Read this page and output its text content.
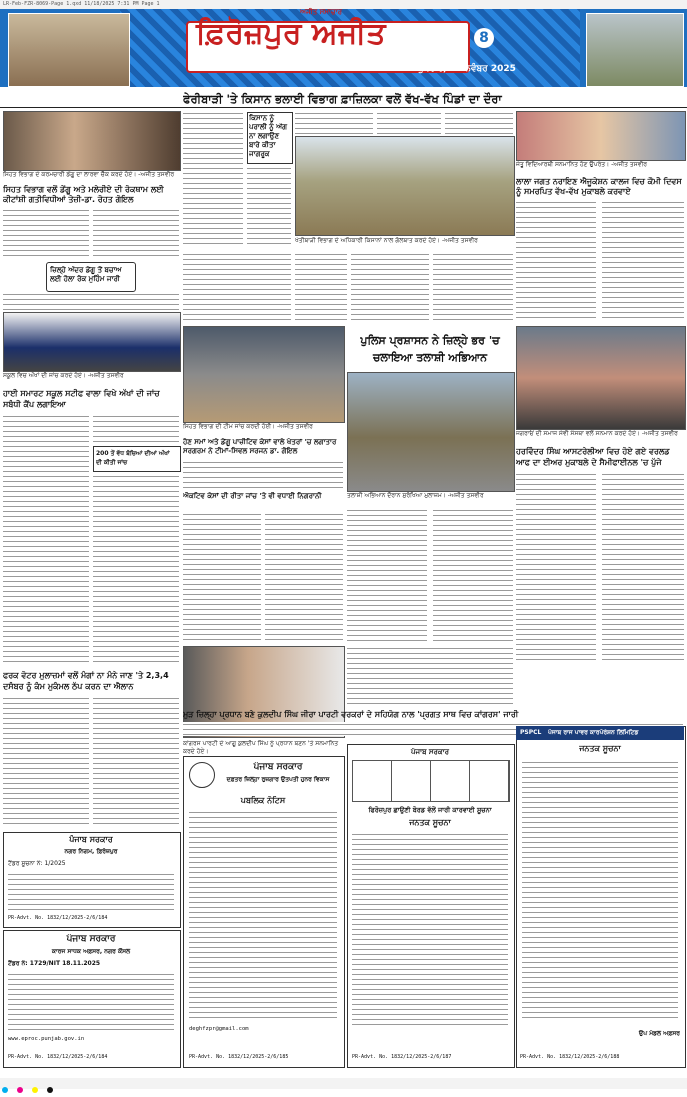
LR-Feb-FZR-8069-Page 1.qxd 11/18/2025 7:31 PM Page 1
ਅਜੀਤ ਸਮਾਚਾਰ
ਫ਼ਿਰੋਜ਼ਪੁਰ ਅਜੀਤ	8
ਬੁੱਧਵਾਰ, 19 ਨਵੰਬਰ 2025
ਫੇਰੀਬਾੜੀ 'ਤੇ ਕਿਸਾਨ ਭਲਾਈ ਵਿਭਾਗ ਫ਼ਾਜ਼ਿਲਕਾ ਵਲੋਂ ਵੱਖ-ਵੱਖ ਪਿੰਡਾਂ ਦਾ ਦੌਰਾ
ਸਿਹਤ ਵਿਭਾਗ ਦੇ ਕਰਮਚਾਰੀ ਡੇਂਗੂ ਦਾ ਲਾਰਵਾ ਚੈੱਕ ਕਰਦੇ ਹੋਏ। -ਅਜੀਤ ਤਸਵੀਰ
ਸਿਹਤ ਵਿਭਾਗ ਵਲੋਂ ਡੇਂਗੂ ਅਤੇ ਮਲੇਰੀਏ ਦੀ ਰੋਕਥਾਮ ਲਈ ਕੀਟਾਂਸ਼ੀ ਗਤੀਵਿਧੀਆਂ ਤੇਜ਼ੀ-ਡਾ. ਰੋਹਤ ਗੋਇਲ
ਜ਼ਿਲ੍ਹੇ ਅੰਦਰ ਡੇਂਗੂ ਤੋਂ ਬਚਾਅ ਲਈ ਹੋਲਾ ਰੋਕ ਮੁਹਿੰਮ ਜਾਰੀ
ਸਕੂਲ ਵਿਚ ਅੱਖਾਂ ਦੀ ਜਾਂਚ ਕਰਦੇ ਹੋਏ। -ਅਜੀਤ ਤਸਵੀਰ
ਕਿਸਾਨ ਨੂੰ ਪਰਾਲੀ ਨੂੰ ਅੱਗ ਨਾ ਲਗਾਉਣ ਬਾਰੇ ਕੀਤਾ ਜਾਗਰੂਕ
ਖੇਤੀਬਾੜੀ ਵਿਭਾਗ ਦੇ ਅਧਿਕਾਰੀ ਕਿਸਾਨਾਂ ਨਾਲ ਗੱਲਬਾਤ ਕਰਦੇ ਹੋਏ। -ਅਜੀਤ ਤਸਵੀਰ
ਜੇਤੂ ਵਿਦਿਆਰਥੀ ਸਨਮਾਨਿਤ ਹੋਣ ਉਪਰੰਤ। -ਅਜੀਤ ਤਸਵੀਰ
ਲਾਲਾ ਜਗਤ ਨਰਾਇਣ ਐਜੂਕੇਸ਼ਨ ਕਾਲਜ ਵਿਚ ਕੌਮੀ ਦਿਵਸ ਨੂੰ ਸਮਰਪਿਤ ਵੱਖ-ਵੱਖ ਮੁਕਾਬਲੇ ਕਰਵਾਏ
ਸਿਹਤ ਵਿਭਾਗ ਦੀ ਟੀਮ ਜਾਂਚ ਕਰਦੀ ਹੋਈ। -ਅਜੀਤ ਤਸਵੀਰ
ਪੁਲਿਸ ਪ੍ਰਸ਼ਾਸਨ ਨੇ ਜ਼ਿਲ੍ਹੇ ਭਰ 'ਚ ਚਲਾਇਆ ਤਲਾਸ਼ੀ ਅਭਿਆਨ
ਤਲਾਸ਼ੀ ਅਭਿਆਨ ਦੌਰਾਨ ਸੁਰੱਖਿਆ ਮੁਲਾਜ਼ਮ। -ਅਜੀਤ ਤਸਵੀਰ
ਜਗਰਾਓਂ ਦੀ ਸਮਾਜ ਸੇਵੀ ਸੰਸਥਾ ਵਲੋਂ ਸਨਮਾਨ ਕਰਦੇ ਹੋਏ। -ਅਜੀਤ ਤਸਵੀਰ
ਹਰਵਿੰਦਰ ਸਿੰਘ ਆਸਟਰੇਲੀਆ ਵਿਚ ਹੋਏ ਗਏ ਵਰਲਡ ਆਫ ਦਾ ਈਅਰ ਮੁਕਾਬਲੇ ਦੇ ਸੈਮੀਫਾਈਨਲ 'ਚ ਪੁੱਜੇ
ਹਾਈ ਸਮਾਰਟ ਸਕੂਲ ਸਟੀਫ ਵਾਲਾ ਵਿਖੇ ਅੱਖਾਂ ਦੀ ਜਾਂਚ ਸਬੰਧੀ ਕੈਂਪ ਲਗਾਇਆ
200 ਤੋਂ ਵੱਧ ਬੱਚਿਆਂ ਦੀਆਂ ਅੱਖਾਂ ਦੀ ਕੀਤੀ ਜਾਂਚ
ਹੋਣ ਸਮਾਂ ਅਤੇ ਡੇਂਗੂ ਪਾਜ਼ੀਟਿਵ ਕੇਸਾਂ ਵਾਲੇ ਖੇਤਰਾਂ 'ਚ ਲਗਾਤਾਰ ਸਰਗਰਮ ਨੇ ਟੀਮਾਂ-ਸਿਵਲ ਸਰਜਨ ਡਾ. ਗੋਇਲ
ਐਕਟਿਵ ਕੇਸਾਂ ਦੀ ਰੀਤਾ ਜਾਂਚ 'ਤੇ ਵੀ ਵਧਾਈ ਨਿਗਰਾਨੀ
ਫਰਕ ਵੋਟਰ ਮੁਲਾਜ਼ਮਾਂ ਵਲੋਂ ਮੰਗਾਂ ਨਾ ਮੰਨੇ ਜਾਣ 'ਤੇ 2,3,4 ਦਸੰਬਰ ਨੂੰ ਕੰਮ ਮੁਕੰਮਲ ਠੱਪ ਕਰਨ ਦਾ ਐਲਾਨ
ਮੁੜ ਜ਼ਿਲ੍ਹਾ ਪ੍ਰਧਾਨ ਬਣੇ ਕੁਲਦੀਪ ਸਿੰਘ ਜੀਰਾ ਪਾਰਟੀ ਵਰਕਰਾਂ ਦੇ ਸਹਿਯੋਗ ਨਾਲ 'ਪ੍ਰਗਤ ਸਾਥ ਵਿਚ ਕਾਂਗਰਸ' ਜਾਰੀ
ਕਾਂਗਰਸ ਪਾਰਟੀ ਦੇ ਆਗੂ ਕੁਲਦੀਪ ਸਿੰਘ ਨੂੰ ਪ੍ਰਧਾਨ ਬਣਨ 'ਤੇ ਸਨਮਾਨਿਤ ਕਰਦੇ ਹੋਏ।
ਪੰਜਾਬ ਸਰਕਾਰ
ਨਗਰ ਨਿਗਮ, ਫ਼ਿਰੋਜ਼ਪੁਰ
ਟੈਂਡਰ ਸੂਚਨਾ ਨੰ: 1/2025
PR-Advt. No. 1832/12/2025-2/6/184
ਪੰਜਾਬ ਸਰਕਾਰ
ਕਾਰਜ ਸਾਧਕ ਅਫ਼ਸਰ, ਨਗਰ ਕੌਂਸਲ
ਟੈਂਡਰ ਨੰ: 1729/NIT 18.11.2025
www.eproc.punjab.gov.in
PR-Advt. No. 1832/12/2025-2/6/184
ਪੰਜਾਬ ਸਰਕਾਰ
ਦਫ਼ਤਰ ਜ਼ਿਲ੍ਹਾ ਰੁਜ਼ਗਾਰ ਉਤਪਤੀ ਹੁਨਰ ਵਿਕਾਸ
ਪਬਲਿਕ ਨੋਟਿਸ
deghfzpr@gmail.com
PR-Advt. No. 1832/12/2025-2/6/185
ਪੰਜਾਬ ਸਰਕਾਰ
ਫਿਰੋਜ਼ਪੁਰ ਛਾਉਣੀ ਬੋਰਡ ਵੱਲੋਂ ਜਾਰੀ ਕਾਰਵਾਈ ਸੂਚਨਾ
ਜਨਤਕ ਸੂਚਨਾ
PR-Advt. No. 1832/12/2025-2/6/187
PSPCL	ਪੰਜਾਬ ਰਾਜ ਪਾਵਰ ਕਾਰਪੋਰੇਸ਼ਨ ਲਿਮਿਟਿਡ
ਜਨਤਕ ਸੂਚਨਾ
ਉਪ ਮੰਡਲ ਅਫ਼ਸਰ
PR-Advt. No. 1832/12/2025-2/6/188
